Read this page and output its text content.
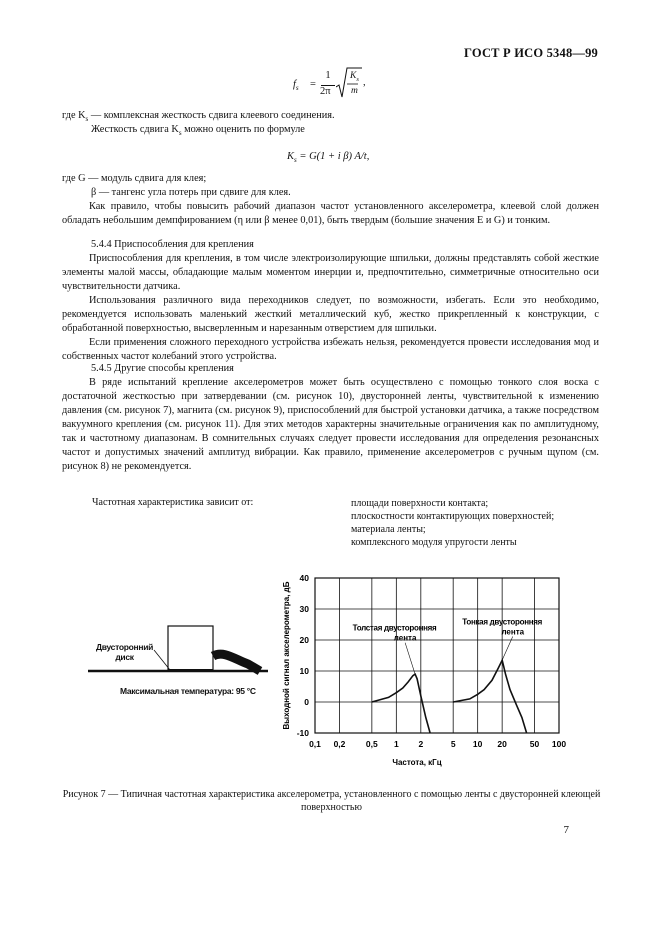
ГОСТ Р ИСО 5348—99
$f_s$ =
1
2π
$K_s$
m
,
где $K_s$ — комплексная жесткость сдвига клеевого соединения.
Жесткость сдвига $K_s$ можно оценить по формуле
$K_s = G(1 + i$ β) A/t,
где G — модуль сдвига для клея;
β — тангенс угла потерь при сдвиге для клея.
Как правило, чтобы повысить рабочий диапазон частот установленного акселерометра, клеевой слой должен обладать небольшим демпфированием (η или β менее 0,01), быть твердым (большие значения E и G) и тонким.
5.4.4 Приспособления для крепления
Приспособления для крепления, в том числе электроизолирующие шпильки, должны представлять собой жесткие элементы малой массы, обладающие малым моментом инерции и, предпочтительно, симметричные относительно оси чувствительности датчика.
Использования различного вида переходников следует, по возможности, избегать. Если это необходимо, рекомендуется использовать маленький жесткий металлический куб, жестко прикрепленный к конструкции, с обработанной поверхностью, высверленным и нарезанным отверстием для шпильки.
Если применения сложного переходного устройства избежать нельзя, рекомендуется провести исследования мод и собственных частот колебаний этого устройства.
5.4.5 Другие способы крепления
В ряде испытаний крепление акселерометров может быть осуществлено с помощью тонкого слоя воска с достаточной жесткостью при затвердевании (см. рисунок 10), двусторонней ленты, чувствительной к изменению давления (см. рисунок 7), магнита (см. рисунок 9), приспособлений для быстрой установки датчика, а также посредством вакуумного крепления (см. рисунок 11). Для этих методов характерны значительные ограничения как по амплитудному, так и частотному диапазонам. В сомнительных случаях следует провести исследования для определения резонансных частот и допустимых значений амплитуд вибрации. Как правило, применение акселерометров с ручным щупом (см. рисунок 8) не рекомендуется.
Частотная характеристика зависит от:	площади поверхности контакта;
плоскостности контактирующих поверхностей;
материала ленты;
комплексного модуля упругости ленты
Двусторонний
диск
Максимальная температура: 95 °C
-10
0
10
20
30
40
0,1 0,2 0,5 1 2	5 10 20	50 100
Частота, кГц
Выходной сигнал акселерометра, дБ	Толстая двусторонняя
лента
Тонкая двусторонняя
лента
Рисунок 7 — Типичная частотная характеристика акселерометра, установленного с помощью ленты с двусторонней клеющей поверхностью
7
